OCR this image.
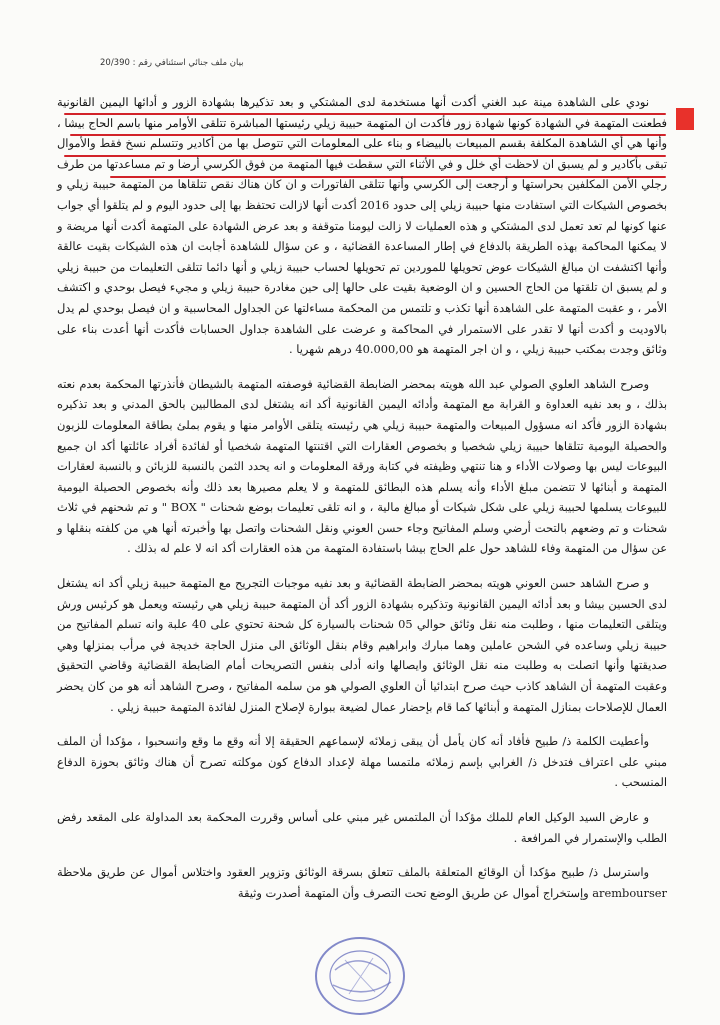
بيان ملف جنائي استئنافي رقم : 20/390

نودي على الشاهدة مينة عبد الغني أكدت أنها مستخدمة لدى المشتكي و بعد تذكيرها بشهادة الزور و أدائها اليمين القانونية فطعنت المتهمة في الشهادة كونها شهادة زور فأكدت ان المتهمة حبيبة زيلي رئيستها المباشرة تتلقى الأوامر منها باسم الحاج بيشا ، وأنها هي أي الشاهدة المكلفة بقسم المبيعات بالبيضاء و بناء على المعلومات التي تتوصل بها من أكادير وتتسلم نسخ فقط والأموال تبقى بأكادير و لم يسبق ان لاحظت أي خلل و في الأثناء التي سقطت فيها المتهمة من فوق الكرسي أرضا و تم مساعدتها من طرف رجلي الأمن المكلفين بحراستها و أرجعت إلى الكرسي وأنها تتلقى الفاتورات و ان كان هناك نقص تتلقاها من المتهمة حبيبة زيلي و بخصوص الشيكات التي استفادت منها حبيبة زيلي إلى حدود 2016 أكدت أنها لازالت تحتفظ بها إلى حدود اليوم و لم يتلقوا أي جواب عنها كونها لم تعد تعمل لدى المشتكي و هذه العمليات لا زالت ليومنا متوقفة و بعد عرض الشهادة على المتهمة أكدت أنها مريضة و لا يمكنها المحاكمة بهذه الطريقة بالدفاع في إطار المساعدة القضائية ، و عن سؤال للشاهدة أجابت ان هذه الشيكات بقيت عالقة وأنها اكتشفت ان مبالغ الشيكات عوض تحويلها للموردين تم تحويلها لحساب حبيبة زيلي و أنها دائما تتلقى التعليمات من حبيبة زيلي و لم يسبق ان تلقتها من الحاج الحسين و ان الوضعية بقيت على حالها إلى حين مغادرة حبيبة زيلي و مجيء فيصل بوحدي و اكتشف الأمر ، و عقبت المتهمة على الشاهدة أنها تكذب و تلتمس من المحكمة مساءلتها عن الجداول المحاسبية و ان فيصل بوحدي لم يدل بالاوديت و أكدت أنها لا تقدر على الاستمرار في المحاكمة و عرضت على الشاهدة جداول الحسابات فأكدت أنها أعدت بناء على وثائق وجدت بمكتب حبيبة زيلي ، و ان اجر المتهمة هو 40.000,00 درهم شهريا .

وصرح الشاهد العلوي الصولي عبد الله هويته بمحضر الضابطة القضائية فوصفته المتهمة بالشيطان فأنذرتها المحكمة بعدم نعته بذلك ، و بعد نفيه العداوة و القرابة مع المتهمة وأدائه اليمين القانونية أكد انه يشتغل لدى المطالبين بالحق المدني و بعد تذكيره بشهادة الزور فأكد انه مسؤول المبيعات والمتهمة حبيبة زيلي هي رئيسته يتلقى الأوامر منها و يقوم بملئ بطاقة المعلومات للزبون والحصيلة اليومية تتلقاها حبيبة زيلي شخصيا و بخصوص العقارات التي اقتنتها المتهمة شخصيا أو لفائدة أفراد عائلتها أكد ان جميع البيوعات ليس بها وصولات الأداء و هنا تنتهي وظيفته في كتابة ورقة المعلومات و انه يحدد الثمن بالنسبة للزبائن و بالنسبة لعقارات المتهمة و أبنائها لا تتضمن مبلغ الأداء وأنه يسلم هذه البطائق للمتهمة و لا يعلم مصيرها بعد ذلك وأنه بخصوص الحصيلة اليومية للبيوعات يسلمها لحبيبة زيلي على شكل شيكات أو مبالغ مالية ، و انه تلقى تعليمات بوضع شحنات " BOX " و تم شحنهم في ثلاث شحنات و تم وضعهم بالتحت أرضي وسلم المفاتيح وجاء حسن العوني ونقل الشحنات واتصل بها وأخبرته أنها هي من كلفته بنقلها و عن سؤال من المتهمة وفاء للشاهد حول علم الحاج بيشا باستفادة المتهمة من هذه العقارات أكد انه لا علم له بذلك .

و صرح الشاهد حسن العوني هويته بمحضر الضابطة القضائية و بعد نفيه موجبات التجريح مع المتهمة حبيبة زيلي أكد انه يشتغل لدى الحسين بيشا و بعد أدائه اليمين القانونية وتذكيره بشهادة الزور أكد أن المتهمة حبيبة زيلي هي رئيسته ويعمل هو كرئيس ورش ويتلقى التعليمات منها ، وطلبت منه نقل وثائق حوالي 05 شحنات بالسيارة كل شحنة تحتوي على 40 علبة وانه تسلم المفاتيح من حبيبة زيلي وساعده في الشحن عاملين وهما مبارك وابراهيم وقام بنقل الوثائق الى منزل الحاجة خديجة في مرأب بمنزلها وهي صديقتها وأنها اتصلت به وطلبت منه نقل الوثائق وايصالها وانه أدلى بنفس التصريحات أمام الضابطة القضائية وقاضي التحقيق وعقبت المتهمة أن الشاهد كاذب حيث صرح ابتدائيا أن العلوي الصولي هو من سلمه المفاتيح ، وصرح الشاهد أنه هو من كان يحضر العمال للإصلاحات بمنازل المتهمة و أبنائها كما قام بإحضار عمال لضيعة ببوارة لإصلاح المنزل لفائدة المتهمة حبيبة زيلي .

وأعطيت الكلمة ذ/ طبيح فأفاد أنه كان يأمل أن يبقى زملائه لإسماعهم الحقيقة إلا أنه وقع ما وقع وانسحبوا ، مؤكدا أن الملف مبني على اعتراف فتدخل ذ/ الغرابي بإسم زملائه ملتمسا مهلة لإعداد الدفاع كون موكلته تصرح أن هناك وثائق بحوزة الدفاع المنسحب .

و عارض السيد الوكيل العام للملك مؤكدا أن الملتمس غير مبني على أساس وقررت المحكمة بعد المداولة على المقعد رفض الطلب والإستمرار في المرافعة .

واسترسل ذ/ طبيح مؤكدا أن الوقائع المتعلقة بالملف تتعلق بسرقة الوثائق وتزوير العقود واختلاس أموال عن طريق ملاحظة arembourser وإستخراج أموال عن طريق الوضع تحت التصرف وأن المتهمة أصدرت وثيقة
